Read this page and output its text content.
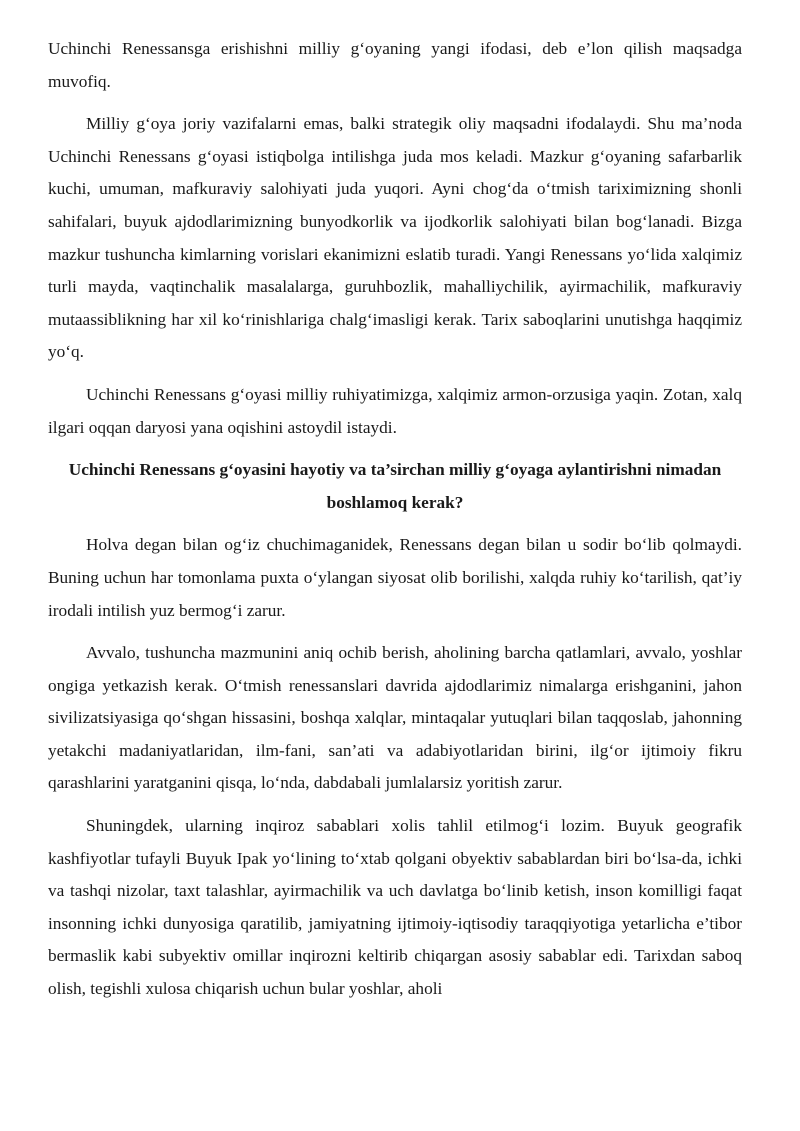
Uchinchi Renessansga erishishni milliy g‘oyaning yangi ifodasi, deb e’lon qilish maqsadga muvofiq.

Milliy g‘oya joriy vazifalarni emas, balki strategik oliy maqsadni ifodalaydi. Shu ma’noda Uchinchi Renessans g‘oyasi istiqbolga intilishga juda mos keladi. Mazkur g‘oyaning safarbarlik kuchi, umuman, mafkuraviy salohiyati juda yuqori. Ayni chog‘da o‘tmish tariximizning shonli sahifalari, buyuk ajdodlarimizning bunyodkorlik va ijodkorlik salohiyati bilan bog‘lanadi. Bizga mazkur tushuncha kimlarning vorislari ekanimizni eslatib turadi. Yangi Renessans yo‘lida xalqimiz turli mayda, vaqtinchalik masalalarga, guruhbozlik, mahalliychilik, ayirmachilik, mafkuraviy mutaassiblikning har xil ko‘rinishlariga chalg‘imasligi kerak. Tarix saboqlarini unutishga haqqimiz yo‘q.

Uchinchi Renessans g‘oyasi milliy ruhiyatimizga, xalqimiz armon-orzusiga yaqin. Zotan, xalq ilgari oqqan daryosi yana oqishini astoydil istaydi.

Uchinchi Renessans g‘oyasini hayotiy va ta’sirchan milliy g‘oyaga aylantirishni nimadan boshlamoq kerak?

Holva degan bilan og‘iz chuchimaganidek, Renessans degan bilan u sodir bo‘lib qolmaydi. Buning uchun har tomonlama puxta o‘ylangan siyosat olib borilishi, xalqda ruhiy ko‘tarilish, qat’iy irodali intilish yuz bermog‘i zarur.

Avvalo, tushuncha mazmunini aniq ochib berish, aholining barcha qatlamlari, avvalo, yoshlar ongiga yetkazish kerak. O‘tmish renessanslari davrida ajdodlarimiz nimalarga erishganini, jahon sivilizatsiyasiga qo‘shgan hissasini, boshqa xalqlar, mintaqalar yutuqlari bilan taqqoslab, jahonning yetakchi madaniyatlaridan, ilm-fani, san’ati va adabiyotlaridan birini, ilg‘or ijtimoiy fikru qarashlarini yaratganini qisqa, lo‘nda, dabdabali jumlalarsiz yoritish zarur.

Shuningdek, ularning inqiroz sabablari xolis tahlil etilmog‘i lozim. Buyuk geografik kashfiyotlar tufayli Buyuk Ipak yo‘lining to‘xtab qolgani obyektiv sabablardan biri bo‘lsa-da, ichki va tashqi nizolar, taxt talashlar, ayirmachilik va uch davlatga bo‘linib ketish, inson komilligi faqat insonning ichki dunyosiga qaratilib, jamiyatning ijtimoiy-iqtisodiy taraqqiyotiga yetarlicha e’tibor bermaslik kabi subyektiv omillar inqirozni keltirib chiqargan asosiy sabablar edi. Tarixdan saboq olish, tegishli xulosa chiqarish uchun bular yoshlar, aholi
